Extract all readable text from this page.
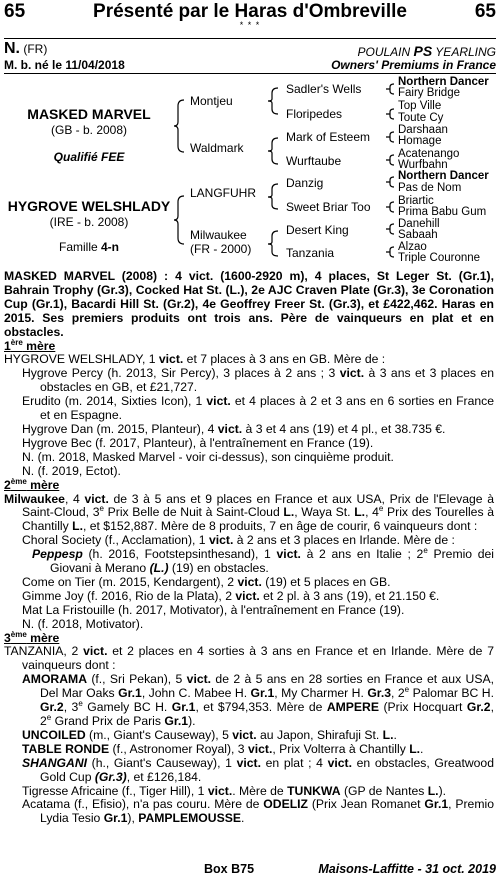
65	Présenté par le Haras d'Ombreville	65
* * *
N. (FR)	POULAIN PS YEARLING
M. b. né le 11/04/2018	Owners' Premiums in France
MASKED MARVEL
(GB - b. 2008)
Qualifié FEE
HYGROVE WELSHLADY
(IRE - b. 2008)
Famille 4-n
Montjeu
Waldmark
LANGFUHR
Milwaukee
(FR - 2000)
Sadler's Wells
Floripedes
Mark of Esteem
Wurftaube
Danzig
Sweet Briar Too
Desert King
Tanzania
Northern Dancer
Fairy Bridge
Top Ville
Toute Cy
Darshaan
Homage
Acatenango
Wurfbahn
Northern Dancer
Pas de Nom
Briartic
Prima Babu Gum
Danehill
Sabaah
Alzao
Triple Couronne

MASKED MARVEL (2008) : 4 vict. (1600-2920 m), 4 places, St Leger St. (Gr.1), Bahrain Trophy (Gr.3), Cocked Hat St. (L.), 2e AJC Craven Plate (Gr.3), 3e Coronation Cup (Gr.1), Bacardi Hill St. (Gr.2), 4e Geoffrey Freer St. (Gr.3), et £422,462. Haras en 2015. Ses premiers produits ont trois ans. Père de vainqueurs en plat et en obstacles.

1ère mère

HYGROVE WELSHLADY, 1 vict. et 7 places à 3 ans en GB. Mère de :

Hygrove Percy (h. 2013, Sir Percy), 3 places à 2 ans ; 3 vict. à 3 ans et 3 places en obstacles en GB, et £21,727.

Erudito (m. 2014, Sixties Icon), 1 vict. et 4 places à 2 et 3 ans en 6 sorties en France et en Espagne.

Hygrove Dan (m. 2015, Planteur), 4 vict. à 3 et 4 ans (19) et 4 pl., et 38.735 €.

Hygrove Bec (f. 2017, Planteur), à l'entraînement en France (19).

N. (m. 2018, Masked Marvel - voir ci-dessus), son cinquième produit.

N. (f. 2019, Ectot).

2ème mère

Milwaukee, 4 vict. de 3 à 5 ans et 9 places en France et aux USA, Prix de l'Elevage à Saint-Cloud, 3e Prix Belle de Nuit à Saint-Cloud L., Waya St. L., 4e Prix des Tourelles à Chantilly L., et $152,887. Mère de 8 produits, 7 en âge de courir, 6 vainqueurs dont :

Choral Society (f., Acclamation), 1 vict. à 2 ans et 3 places en Irlande. Mère de :

Peppesp (h. 2016, Footstepsinthesand), 1 vict. à 2 ans en Italie ; 2e Premio dei Giovani à Merano (L.) (19) en obstacles.

Come on Tier (m. 2015, Kendargent), 2 vict. (19) et 5 places en GB.

Gimme Joy (f. 2016, Rio de la Plata), 2 vict. et 2 pl. à 3 ans (19), et 21.150 €.

Mat La Fristouille (h. 2017, Motivator), à l'entraînement en France (19).

N. (f. 2018, Motivator).

3ème mère

TANZANIA, 2 vict. et 2 places en 4 sorties à 3 ans en France et en Irlande. Mère de 7 vainqueurs dont :

AMORAMA (f., Sri Pekan), 5 vict. de 2 à 5 ans en 28 sorties en France et aux USA, Del Mar Oaks Gr.1, John C. Mabee H. Gr.1, My Charmer H. Gr.3, 2e Palomar BC H. Gr.2, 3e Gamely BC H. Gr.1, et $794,353. Mère de AMPERE (Prix Hocquart Gr.2, 2e Grand Prix de Paris Gr.1).

UNCOILED (m., Giant's Causeway), 5 vict. au Japon, Shirafuji St. L..

TABLE RONDE (f., Astronomer Royal), 3 vict., Prix Volterra à Chantilly L..

SHANGANI (h., Giant's Causeway), 1 vict. en plat ; 4 vict. en obstacles, Greatwood Gold Cup (Gr.3), et £126,184.

Tigresse Africaine (f., Tiger Hill), 1 vict.. Mère de TUNKWA (GP de Nantes L.).

Acatama (f., Efisio), n'a pas couru. Mère de ODELIZ (Prix Jean Romanet Gr.1, Premio Lydia Tesio Gr.1), PAMPLEMOUSSE.

Box B75	Maisons-Laffitte - 31 oct. 2019
